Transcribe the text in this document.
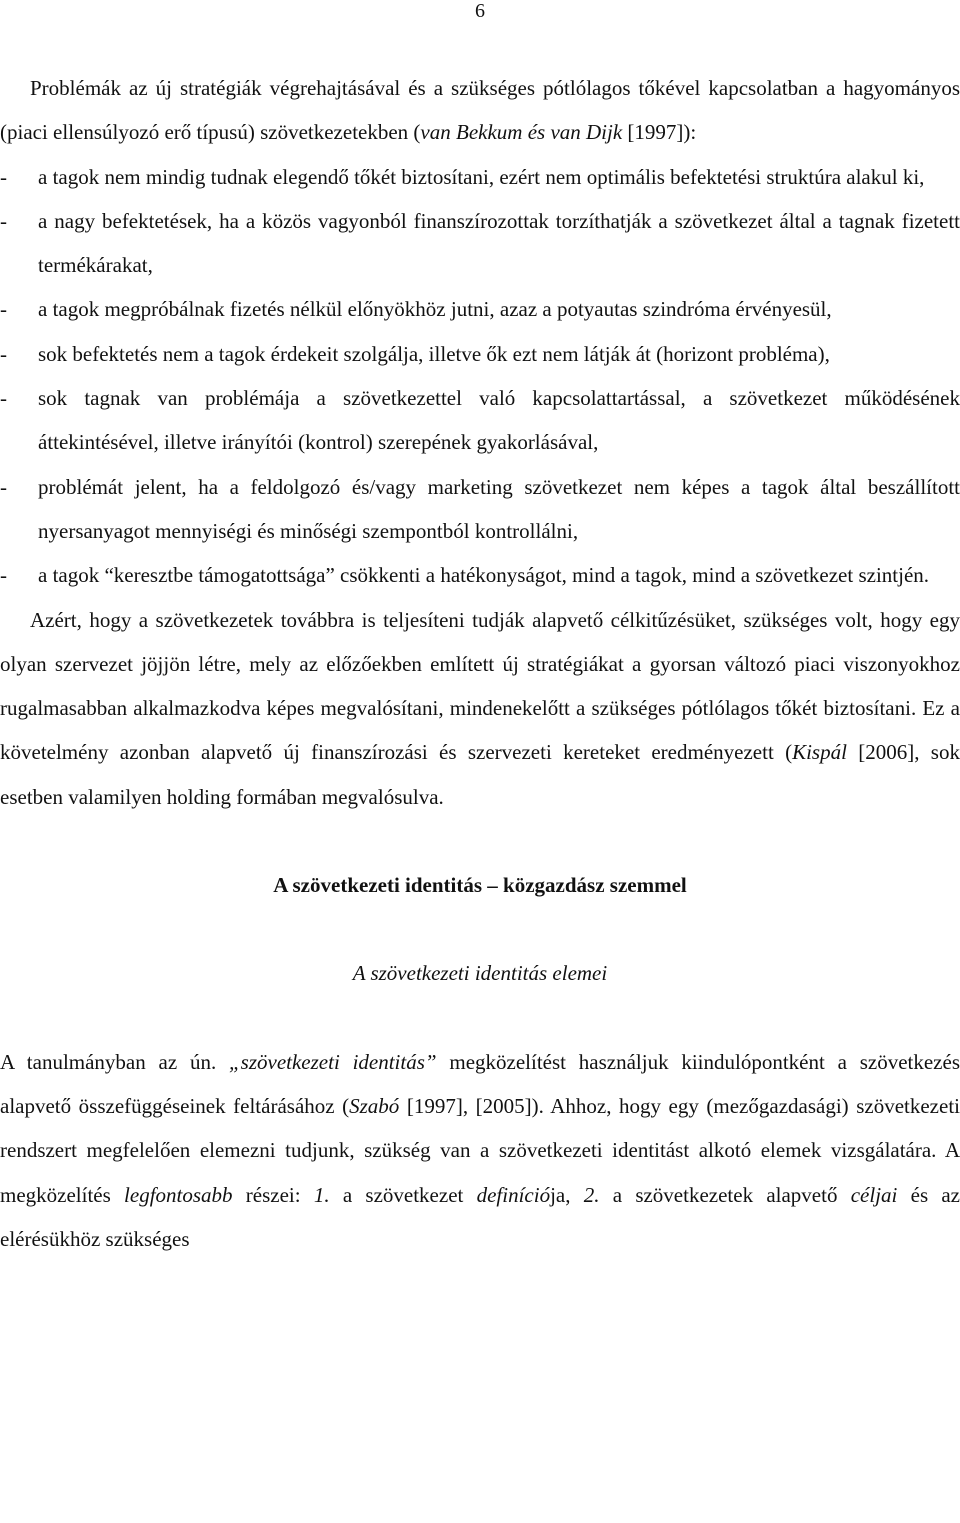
6

Problémák az új stratégiák végrehajtásával és a szükséges pótlólagos tőkével kapcsolatban a hagyományos (piaci ellensúlyozó erő típusú) szövetkezetekben (van Bekkum és van Dijk [1997]):

- a tagok nem mindig tudnak elegendő tőkét biztosítani, ezért nem optimális befektetési struktúra alakul ki,
- a nagy befektetések, ha a közös vagyonból finanszírozottak torzíthatják a szövetkezet által a tagnak fizetett termékárakat,
- a tagok megpróbálnak fizetés nélkül előnyökhöz jutni, azaz a potyautas szindróma érvényesül,
- sok befektetés nem a tagok érdekeit szolgálja, illetve ők ezt nem látják át (horizont probléma),
- sok tagnak van problémája a szövetkezettel való kapcsolattartással, a szövetkezet működésének áttekintésével, illetve irányítói (kontrol) szerepének gyakorlásával,
- problémát jelent, ha a feldolgozó és/vagy marketing szövetkezet nem képes a tagok által beszállított nyersanyagot mennyiségi és minőségi szempontból kontrollálni,
- a tagok “keresztbe támogatottsága” csökkenti a hatékonyságot, mind a tagok, mind a szövetkezet szintjén.

Azért, hogy a szövetkezetek továbbra is teljesíteni tudják alapvető célkitűzésüket, szükséges volt, hogy egy olyan szervezet jöjjön létre, mely az előzőekben említett új stratégiákat a gyorsan változó piaci viszonyokhoz rugalmasabban alkalmazkodva képes megvalósítani, mindenekelőtt a szükséges pótlólagos tőkét biztosítani. Ez a követelmény azonban alapvető új finanszírozási és szervezeti kereteket eredményezett (Kispál [2006], sok esetben valamilyen holding formában megvalósulva.

A szövetkezeti identitás – közgazdász szemmel

A szövetkezeti identitás elemei

A tanulmányban az ún. „szövetkezeti identitás” megközelítést használjuk kiindulópontként a szövetkezés alapvető összefüggéseinek feltárásához (Szabó [1997], [2005]). Ahhoz, hogy egy (mezőgazdasági) szövetkezeti rendszert megfelelően elemezni tudjunk, szükség van a szövetkezeti identitást alkotó elemek vizsgálatára. A megközelítés legfontosabb részei: 1. a szövetkezet definíciója, 2. a szövetkezetek alapvető céljai és az elérésükhöz szükséges
